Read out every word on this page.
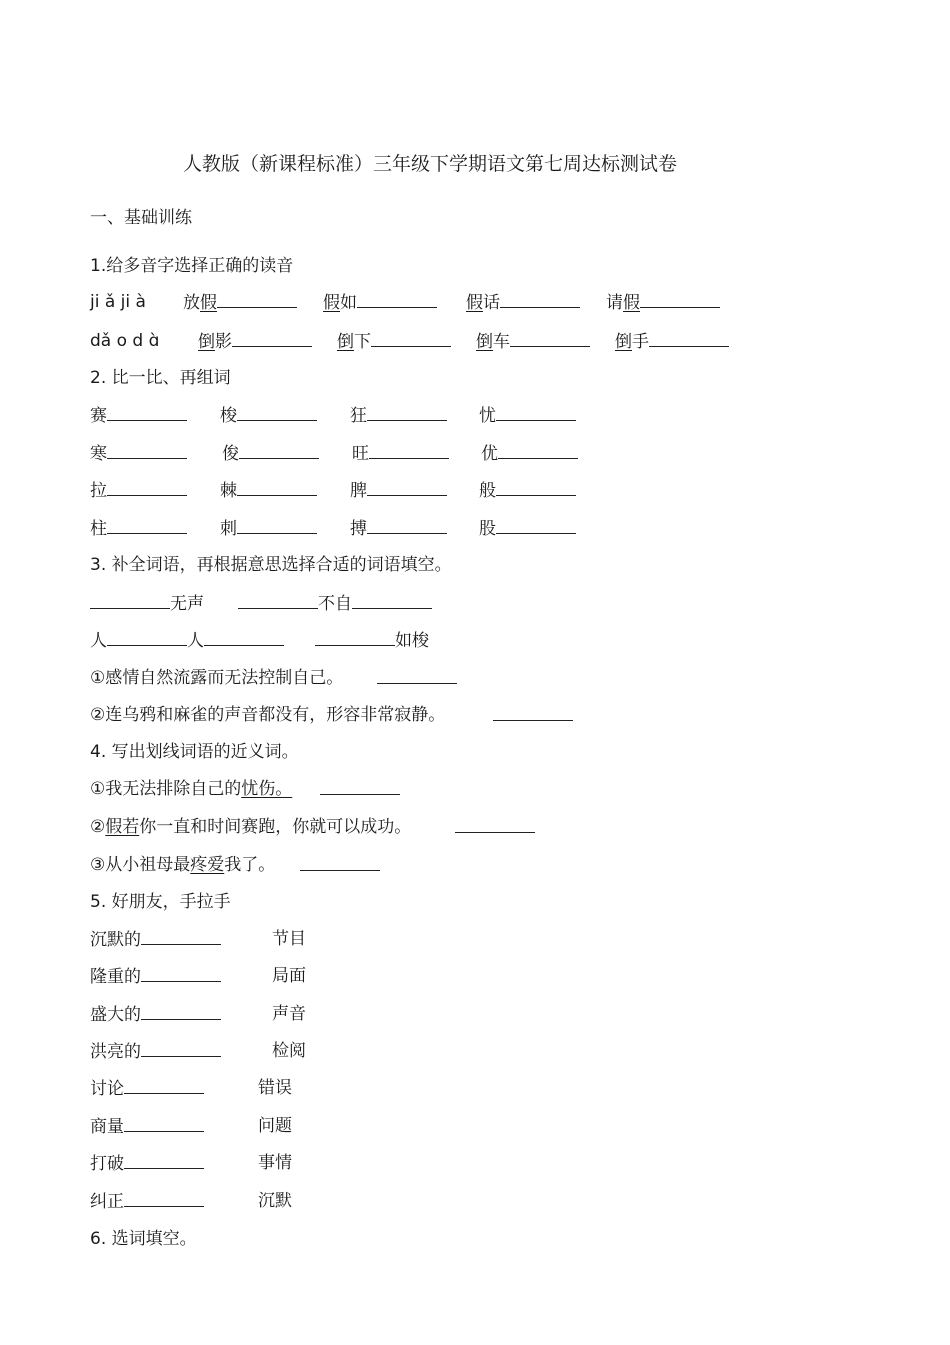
人教版（新课程标准）三年级下学期语文第七周达标测试卷
一、基础训练
1.给多音字选择正确的读音
ji ǎ ji à 放假	假如	假话	请假
dǎ o d ɑ̀ 倒影	倒下	倒车	倒手
2. 比一比、再组词
赛	梭	狂	忧
寒	俊	旺	优
拉	棘	脾	般
柱	刺	搏	股
3. 补全词语，再根据意思选择合适的词语填空。
无声	不自
人	人	如梭
①感情自然流露而无法控制自己。
②连乌鸦和麻雀的声音都没有，形容非常寂静。
4. 写出划线词语的近义词。
①我无法排除自己的忧伤。
②假若你一直和时间赛跑，你就可以成功。
③从小祖母最疼爱我了。
5. 好朋友，手拉手
沉默的	节目
隆重的	局面
盛大的	声音
洪亮的	检阅
讨论	错误
商量	问题
打破	事情
纠正	沉默
6. 选词填空。
